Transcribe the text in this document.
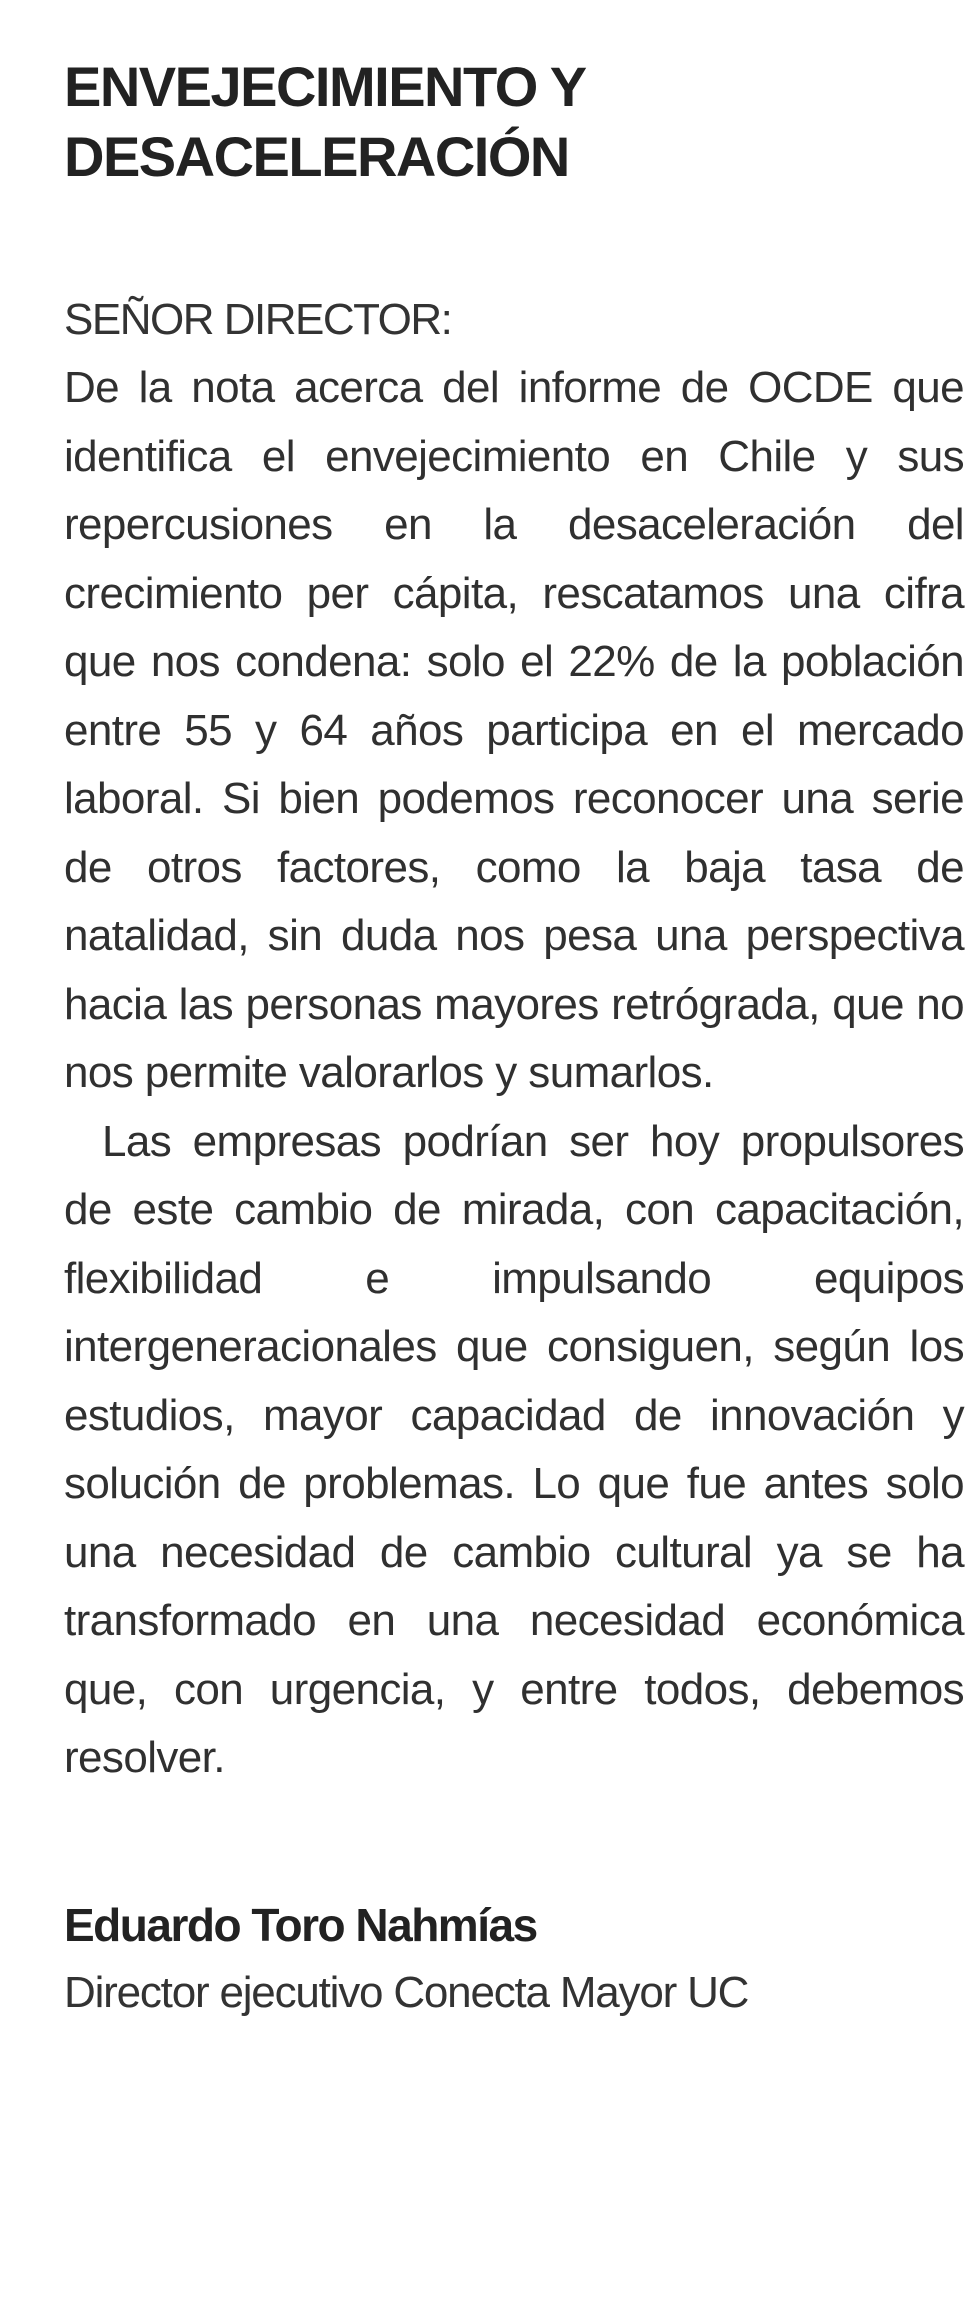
ENVEJECIMIENTO Y
DESACELERACIÓN
SEÑOR DIRECTOR:

De la nota acerca del informe de OCDE que identifica el envejecimiento en Chile y sus repercusiones en la desaceleración del crecimiento per cápita, rescatamos una cifra que nos condena: solo el 22% de la población entre 55 y 64 años participa en el mercado laboral. Si bien podemos reconocer una serie de otros factores, como la baja tasa de natalidad, sin duda nos pesa una perspectiva hacia las personas mayores retrógrada, que no nos permite valorarlos y sumarlos.

Las empresas podrían ser hoy propulsores de este cambio de mirada, con capacitación, flexibilidad e impulsando equipos intergeneracionales que consiguen, según los estudios, mayor capacidad de innovación y solución de problemas. Lo que fue antes solo una necesidad de cambio cultural ya se ha transformado en una necesidad económica que, con urgencia, y entre todos, debemos resolver.

Eduardo Toro Nahmías
Director ejecutivo Conecta Mayor UC
